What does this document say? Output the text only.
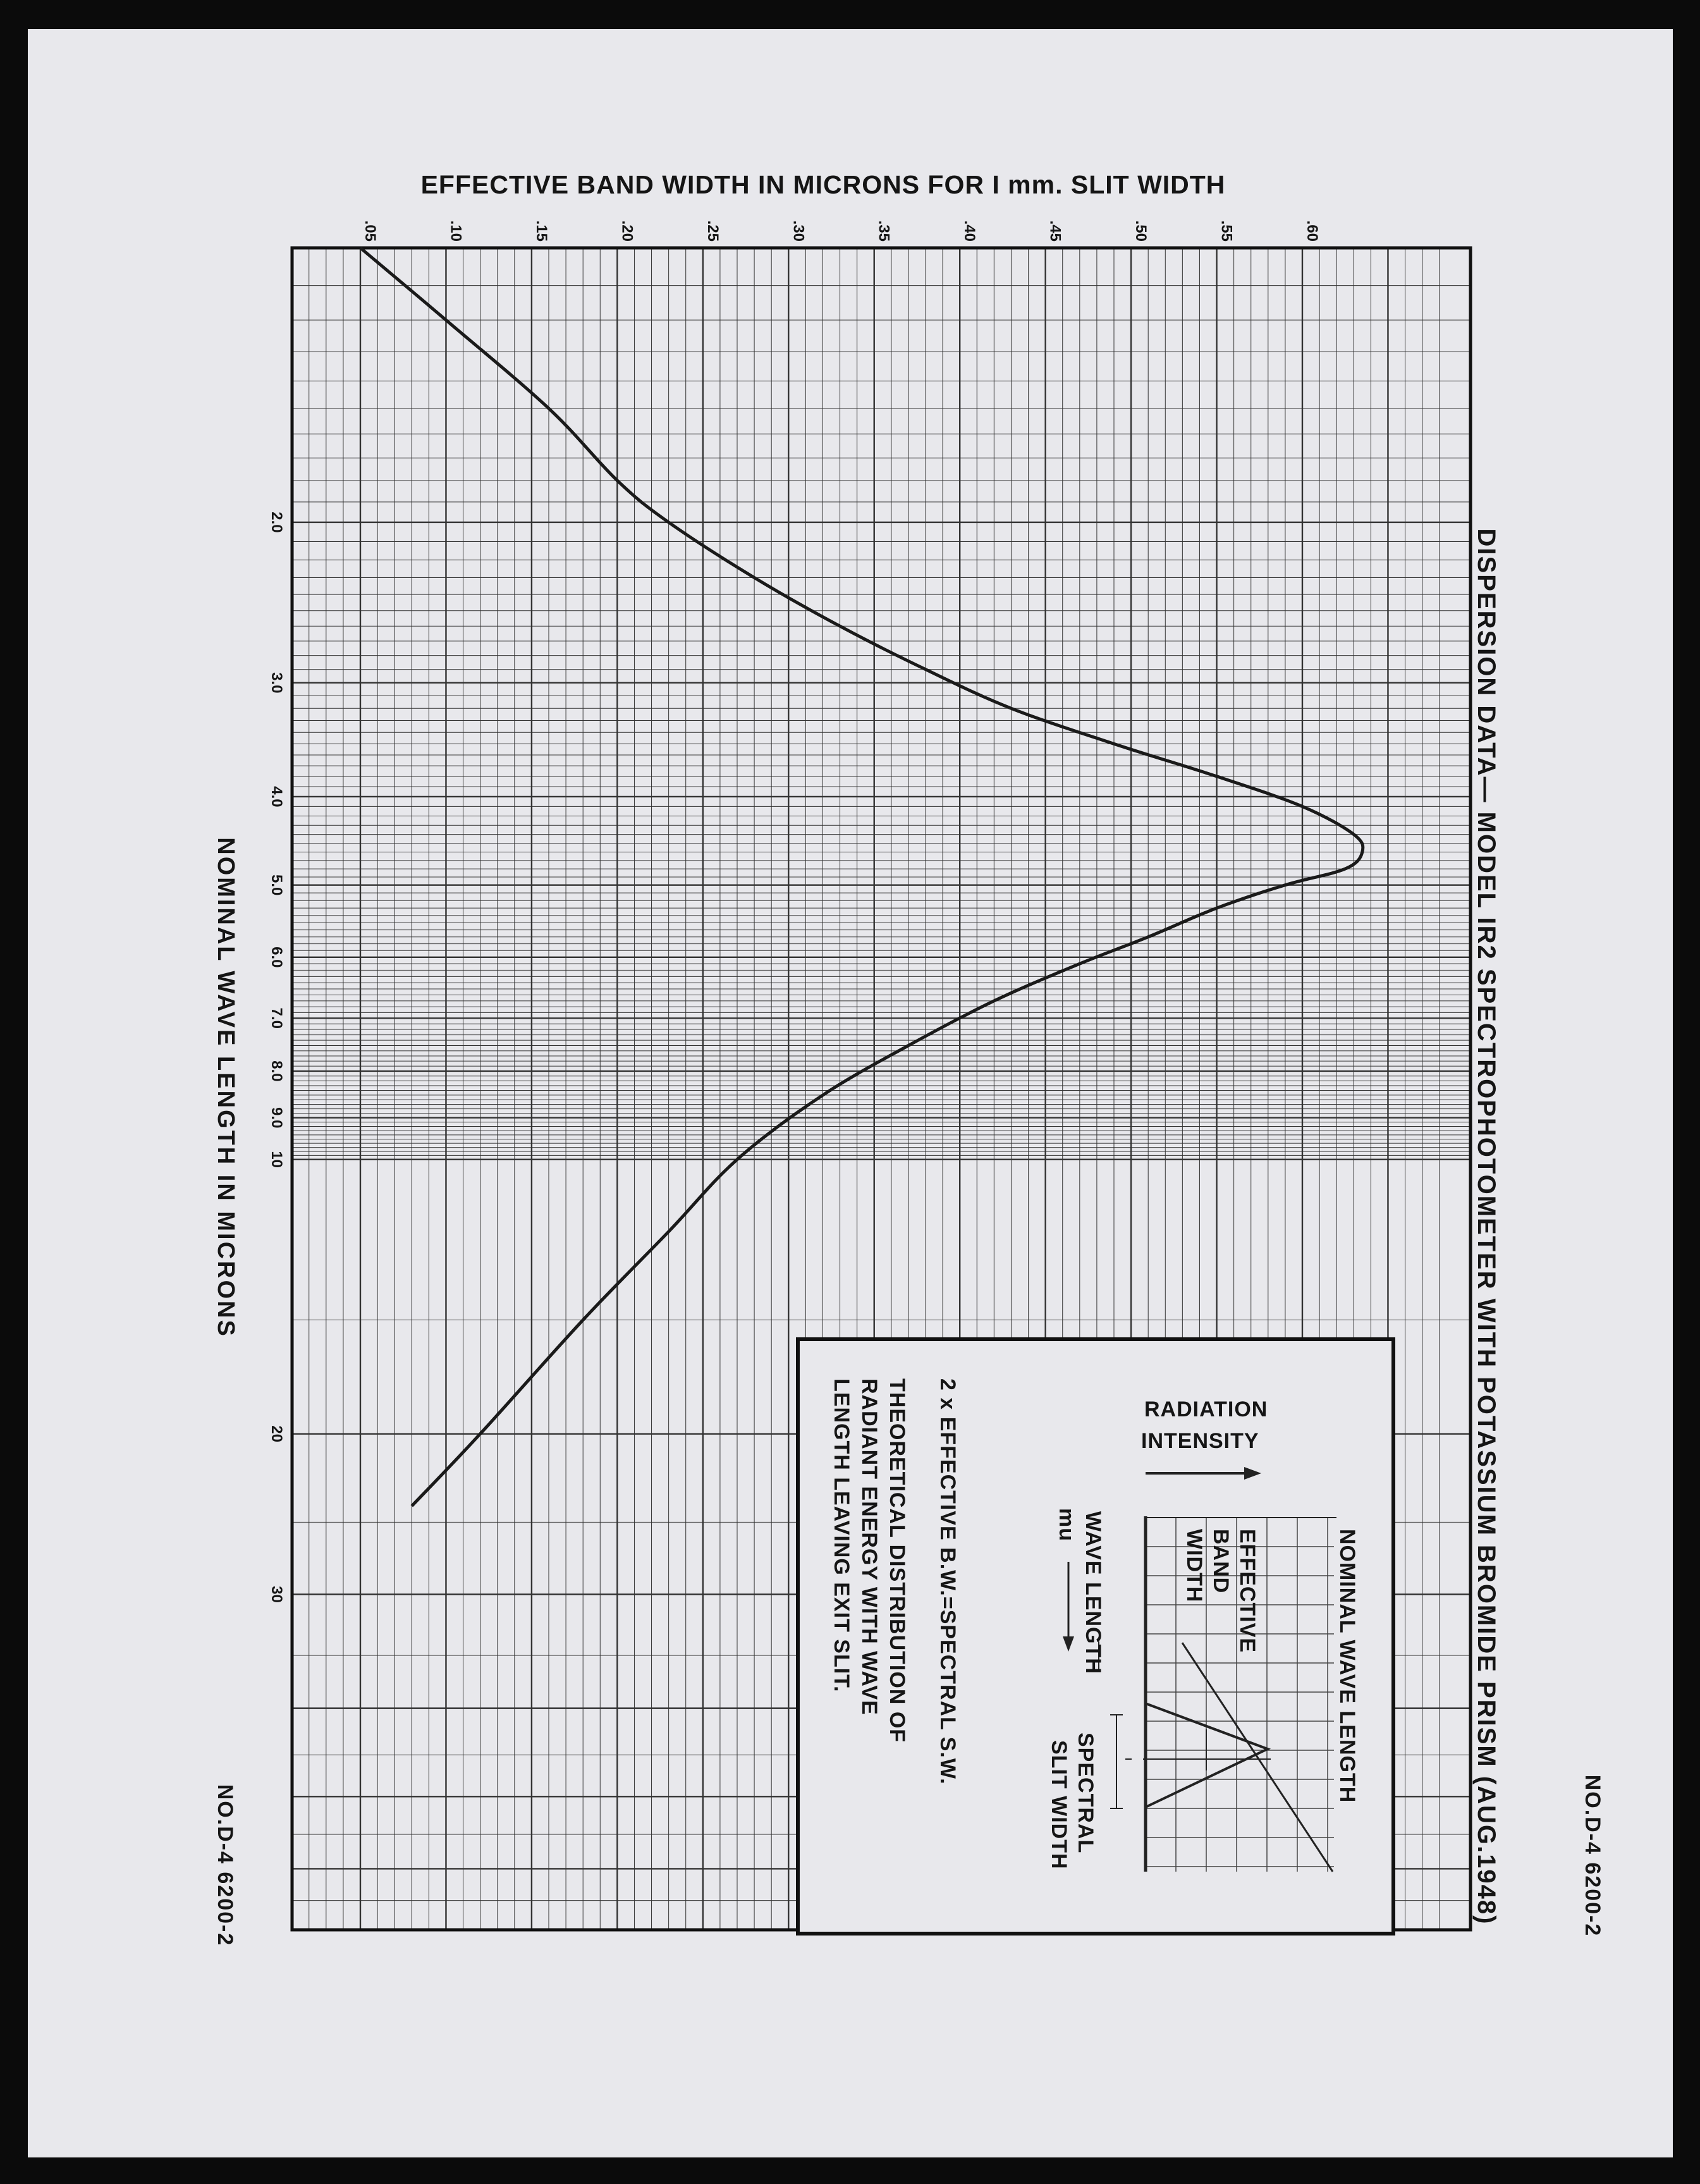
.05	.10	.15	.20	.25	.30	.35	.40	.45	.50	.55	.60
2.0
3.0
4.0
5.0
6.0
7.0
8.0
9.0
10
20
30
EFFECTIVE BAND WIDTH IN MICRONS FOR I mm. SLIT WIDTH
NOMINAL WAVE LENGTH IN MICRONS	DISPERSION DATA— MODEL IR2 SPECTROPHOTOMETER WITH POTASSIUM BROMIDE PRISM (AUG.1948)
NO.D-4 6200-2	NO.D-4 6200-2
RADIATION
INTENSITY
NOMINAL WAVE LENGTH
EFFECTIVE
BAND
WIDTH
WAVE LENGTH
mu
SPECTRAL
SLIT WIDTH
2 x EFFECTIVE B.W.=SPECTRAL S.W.
THEORETICAL DISTRIBUTION OF
RADIANT ENERGY WITH WAVE
LENGTH LEAVING EXIT SLIT.
